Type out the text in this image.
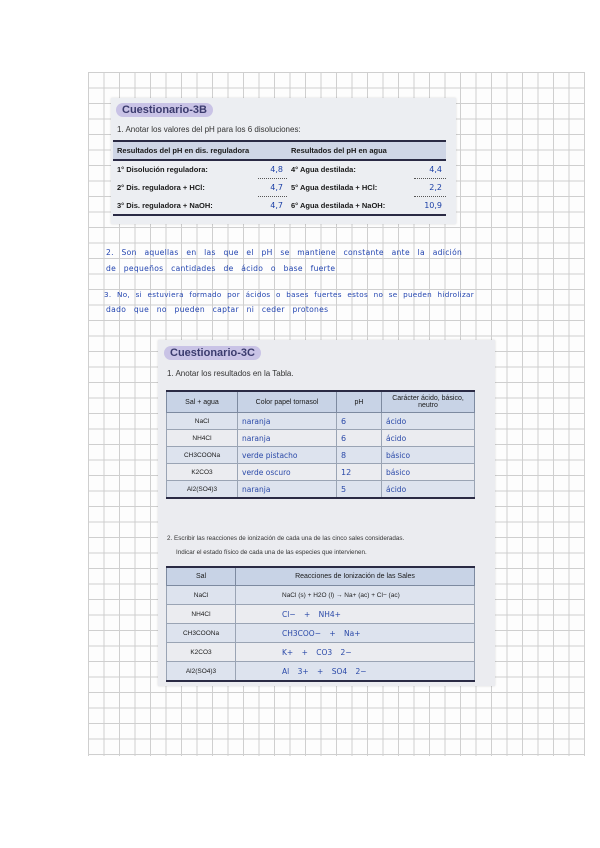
Cuestionario-3B
1. Anotar los valores del pH para los 6 disoluciones:
Resultados del pH en dis. reguladora		Resultados del pH en agua	
1° Disolución reguladora:	4,8	4° Agua destilada:	4,4
2° Dis. reguladora + HCl:	4,7	5° Agua destilada + HCl:	2,2
3° Dis. reguladora + NaOH:	4,7	6° Agua destilada + NaOH:	10,9
2. Son aquellas en las que el pH se mantiene constante ante la adición
de pequeños cantidades de ácido o base fuerte
3. No, si estuviera formado por ácidos o bases fuertes estos no se pueden hidrolizar
dado que no pueden captar ni ceder protones
Cuestionario-3C
1. Anotar los resultados en la Tabla.
Sal + agua	Color papel tornasol	pH	Carácter ácido, básico, neutro
NaCl	naranja	6	ácido
NH4Cl	naranja	6	ácido
CH3COONa	verde pistacho	8	básico
K2CO3	verde oscuro	12	básico
Al2(SO4)3	naranja	5	ácido
2. Escribir las reacciones de ionización de cada una de las cinco sales consideradas.
Indicar el estado físico de cada una de las especies que intervienen.
Sal	Reacciones de Ionización de las Sales
NaCl	NaCl (s) + H2O (l) → Na+ (ac) + Cl− (ac)
NH4Cl	Cl− + NH4+
CH3COONa	CH3COO− + Na+
K2CO3	K+ + CO3 2−
Al2(SO4)3	Al 3+ + SO4 2−
